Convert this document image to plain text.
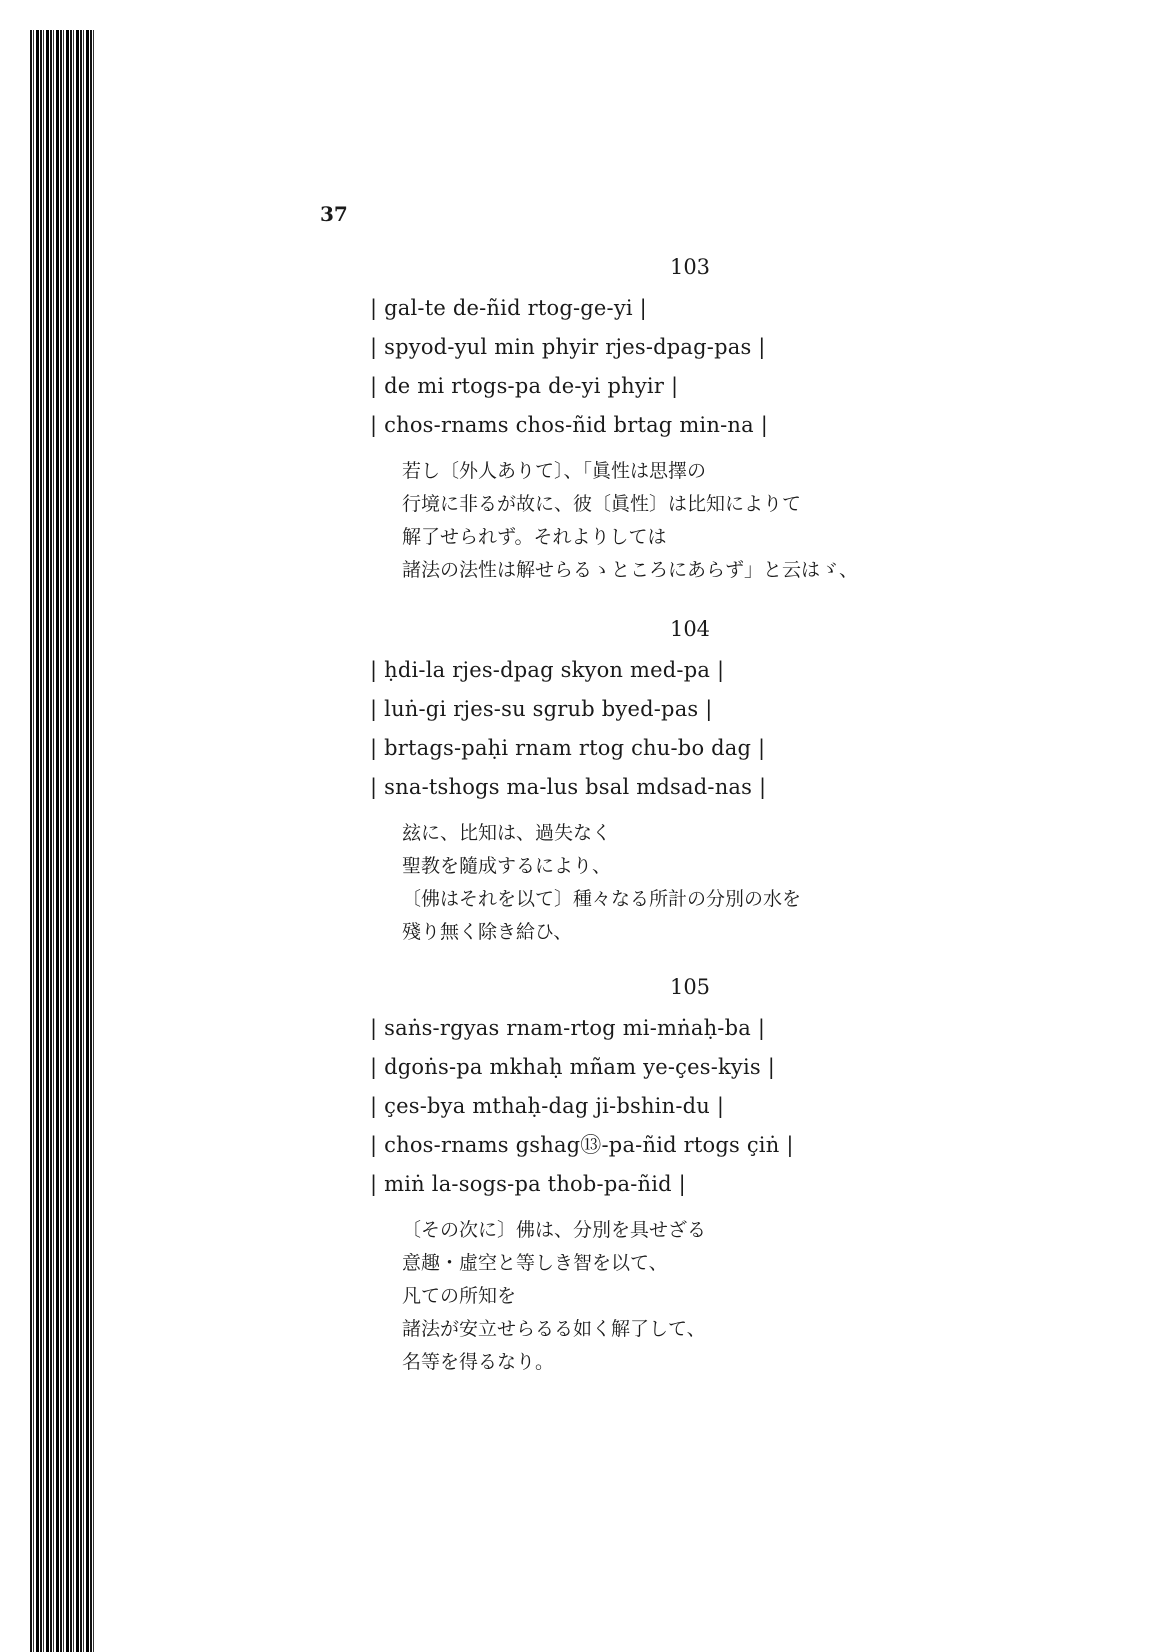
37
103
| gal-te de-ñid rtog-ge-yi |
| spyod-yul min phyir rjes-dpag-pas |
| de mi rtogs-pa de-yi phyir |
| chos-rnams chos-ñid brtag min-na |
若し〔外人ありて〕、「眞性は思擇の
行境に非るが故に、彼〔眞性〕は比知によりて
解了せられず。それよりしては
諸法の法性は解せらるゝところにあらず」と云はゞ、
104
| ḥdi-la rjes-dpag skyon med-pa |
| luṅ-gi rjes-su sgrub byed-pas |
| brtags-paḥi rnam rtog chu-bo dag |
| sna-tshogs ma-lus bsal mdsad-nas |
玆に、比知は、過失なく
聖教を隨成するにより、
〔佛はそれを以て〕種々なる所計の分別の水を
殘り無く除き給ひ、
105
| saṅs-rgyas rnam-rtog mi-mṅaḥ-ba |
| dgoṅs-pa mkhaḥ mñam ye-çes-kyis |
| çes-bya mthaḥ-dag ji-bshin-du |
| chos-rnams gshag⑬-pa-ñid rtogs çiṅ |
| miṅ la-sogs-pa thob-pa-ñid |
〔その次に〕佛は、分別を具せざる
意趣・虛空と等しき智を以て、
凡ての所知を
諸法が安立せらるる如く解了して、
名等を得るなり。
